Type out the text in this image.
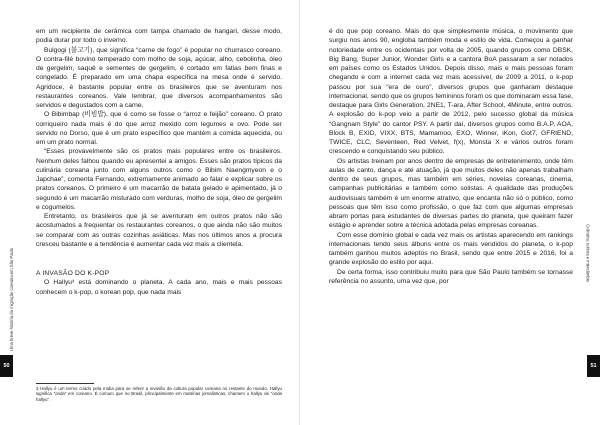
em um recipiente de cerâmica com tampa chamado de hangari, desse modo, podia durar por todo o inverno.

Bulgogi (불고기), que significa “carne de fogo” é popular no churrasco coreano. O contra-filé bovino temperado com molho de soja, açúcar, alho, cebolinha, óleo de gergelim, saquê e sementes de gergelim, é cortado em fatias bem finas e congelado. É preparado em uma chapa específica na mesa onde é servido. Agridoce, é bastante popular entre os brasileiros que se aventuram nos restaurantes coreanos. Vale lembrar, que diversos acompanhamentos são servidos e degustados com a carne.

O Bibimbap (비빔밥), que é como se fosse o “arroz e feijão” coreano. O prato corriqueiro nada mais é do que arroz mexido com legumes e ovo. Pode ser servido no Dorso, que é um prato específico que mantém a comida aquecida, ou em um prato normal.

“Esses provavelmente são os pratos mais populares entre os brasileiros. Nenhum deles falhou quando eu apresentei a amigos. Esses são pratos típicos da culinária coreana junto com alguns outros como o Bibim Naengmyeon e o Japchae”, comenta Fernando, extremamente animado ao falar e explicar sobre os pratos coreanos. O primeiro é um macarrão de batata gelado e apimentado, já o segundo é um macarrão misturado com verduras, molho de soja, óleo de gergelim e cogumelos.

Entretanto, os brasileiros que já se aventuram em outros pratos não são acostumados a frequentar os restaurantes coreanos, o que ainda não são muitos se comparar com as outras cozinhas asiáticas. Mas nos últimos anos a procura cresceu bastante e a tendência é aumentar cada vez mais a clientela.

A INVASÃO DO K-POP

O Hallyu³ está dominando o planeta. A cada ano, mais e mais pessoas conhecem o k-pop, o korean pop, que nada mais

3 Hallyu é um termo criado pela mídia para se referir a invasão da cultura popular coreana no restante do mundo. Hallyu significa “onda” em coreano. É comum que no Brasil, principalmente em matérias jornalísticas, chamem o hallyu de “onda hallyu”.
Uma breve história da migração coreana em São Paulo
50

é do que pop coreano. Mais do que simplesmente música, o movimento que surgiu nos anos 90, engloba também moda e estilo de vida. Começou a ganhar notoriedade entre os ocidentais por volta de 2005, quando grupos como DBSK, Big Bang, Super Junior, Wonder Girls e a cantora BoA passaram a ser notados em países como os Estados Unidos. Depois disso, mais e mais pessoas foram chegando e com a internet cada vez mais acessível, de 2009 a 2011, o k-pop passou por sua “era de ouro”, diversos grupos que ganharam destaque internacional, sendo que os grupos femininos foram os que dominaram essa fase, destaque para Girls Generation, 2NE1, T-ara, After School, 4Minute, entre outros. A explosão do k-pop veio a partir de 2012, pelo sucesso global da música “Gangnam Style” do cantor PSY. A partir daí, diversos grupos como B.A.P, AOA, Block B, EXID, VIXX, BTS, Mamamoo, EXO, Winner, iKon, Got7, GFRIEND, TWICE, CLC, Seventeen, Red Velvet, f(x), Monsta X e vários outros foram crescendo e conquistando seu público.

Os artistas treinam por anos dentro de empresas de entretenimento, onde têm aulas de canto, dança e até atuação, já que muitos deles não apenas trabalham dentro de seus grupos, mas também em séries, novelas coreanas, cinema, campanhas publicitárias e também como solistas. A qualidade das produções audiovisuais também é um enorme atrativo, que encanta não só o público, como pessoas que têm isso como profissão, o que faz com que algumas empresas abram portas para estudantes de diversas partes do planeta, que queiram fazer estágio e aprender sobre a técnica adotada pelas empresas coreanas.

Com esse domínio global e cada vez mais os artistas aparecendo em rankings internacionais tendo seus álbuns entre os mais vendidos do planeta, o k-pop também ganhou muitos adeptos no Brasil, sendo que entre 2015 e 2016, foi a grande explosão do estilo por aqui.

De certa forma, isso contribuiu muito para que São Paulo também se tornasse referência no assunto, uma vez que, por	Culinária, cultura e intercâmbio
51
